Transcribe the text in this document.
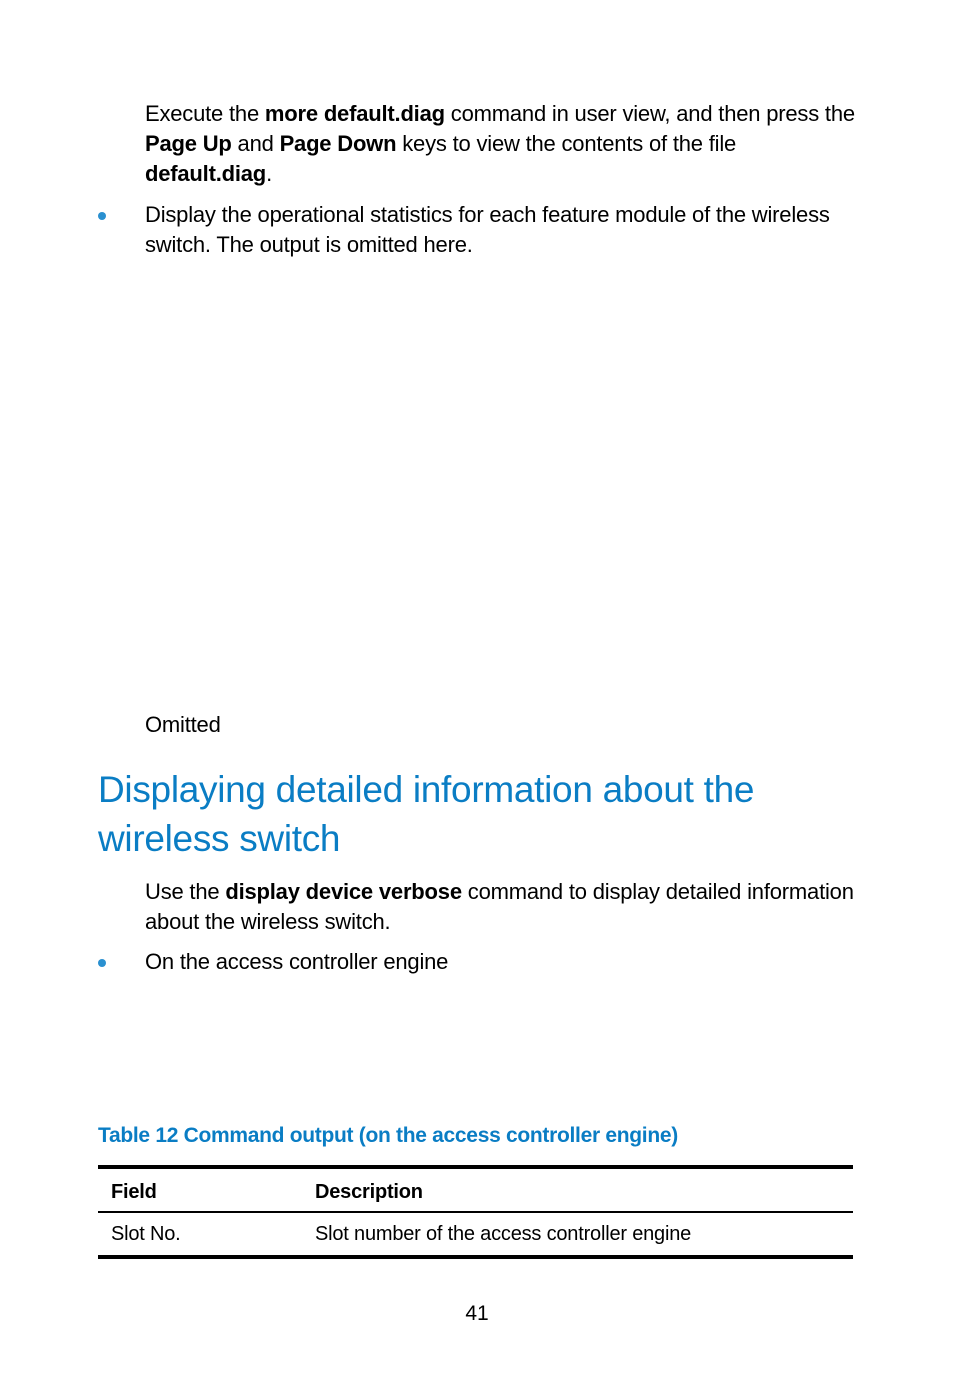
Execute the more default.diag command in user view, and then press the Page Up and Page Down keys to view the contents of the file default.diag.
Display the operational statistics for each feature module of the wireless switch. The output is omitted here.
Omitted
Displaying detailed information about the wireless switch
Use the display device verbose command to display detailed information about the wireless switch.
On the access controller engine
Table 12 Command output (on the access controller engine)
Field	Description
Slot No.	Slot number of the access controller engine
41
